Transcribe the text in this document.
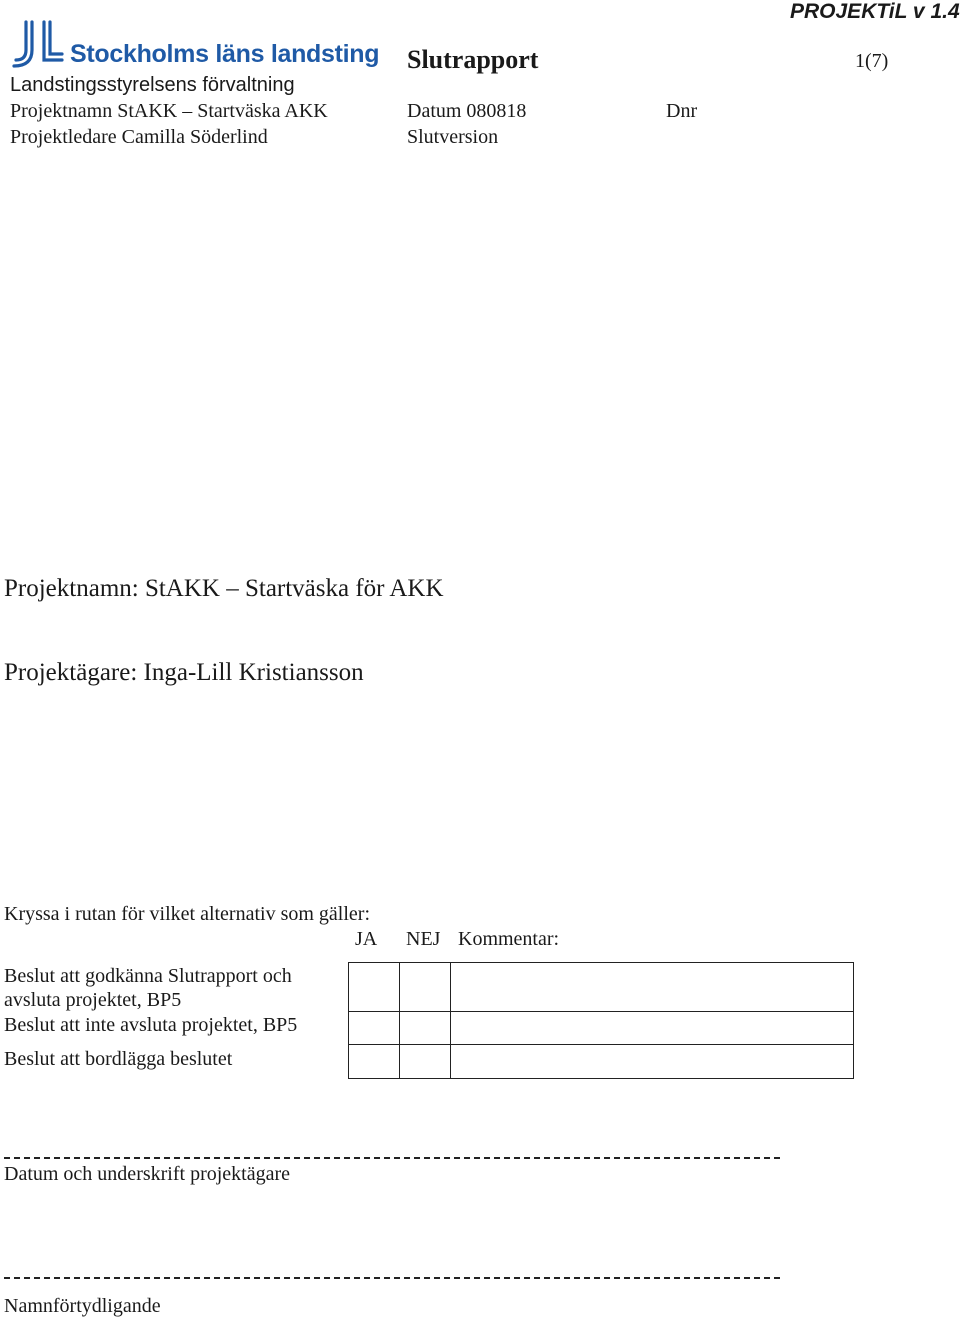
Stockholms läns landsting
Landstingsstyrelsens förvaltning
Projektnamn StAKK – Startväska AKK
Projektledare Camilla Söderlind
Slutrapport
Datum 080818
Slutversion
PROJEKTiL v 1.4
1(7)
Dnr
Projektnamn: StAKK – Startväska för AKK
Projektägare: Inga-Lill Kristiansson
Kryssa i rutan för vilket alternativ som gäller:
JA NEJ Kommentar:
Beslut att godkänna Slutrapport och
avsluta projektet, BP5
Beslut att inte avsluta projektet, BP5
Beslut att bordlägga beslutet

Datum och underskrift projektägare
Namnförtydligande
